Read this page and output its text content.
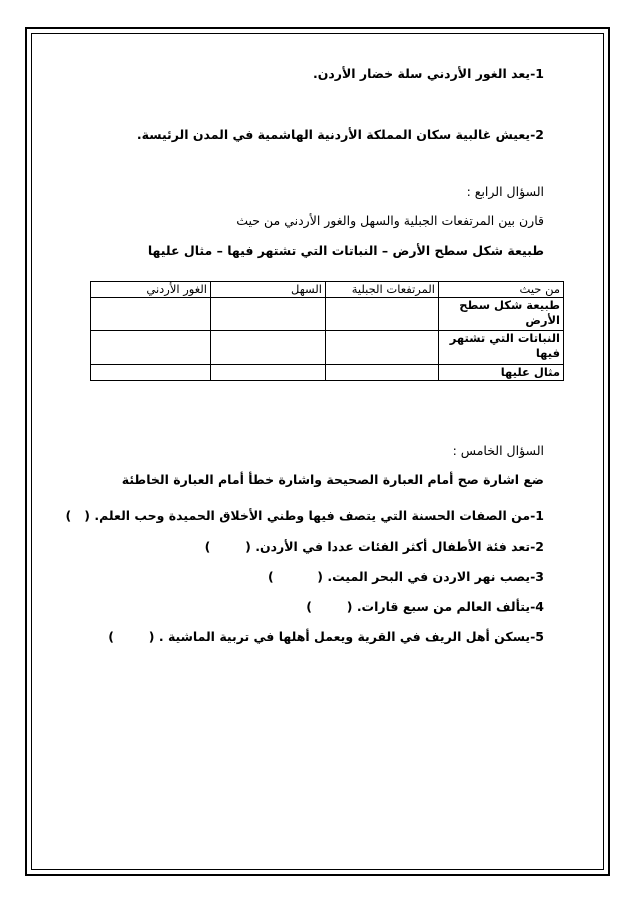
1-يعد الغور الأردني سلة خضار الأردن.
2-يعيش غالبية سكان المملكة الأردنية الهاشمية في المدن الرئيسة.
السؤال الرابع :
قارن بين المرتفعات الجبلية والسهل والغور الأردني من حيث
طبيعة شكل سطح الأرض – النباتات التي تشتهر فيها – مثال عليها
من حيث	المرتفعات الجبلية	السهل	الغور الأردني
طبيعة شكل سطح الأرض			
النباتات التي تشتهر فيها			
مثال عليها			
السؤال الخامس :
ضع اشارة صح أمام العبارة الصحيحة واشارة خطأ أمام العبارة الخاطئة
1-من الصفات الحسنة التي يتصف فيها وطني الأخلاق الحميدة وحب العلم. (   )
2-تعد فئة الأطفال أكثر الفئات عددا في الأردن. (        )
3-يصب نهر الاردن في البحر الميت. (          )
4-يتألف العالم من سبع قارات. (        )
5-يسكن أهل الريف في القرية ويعمل أهلها في تربية الماشية . (        )
